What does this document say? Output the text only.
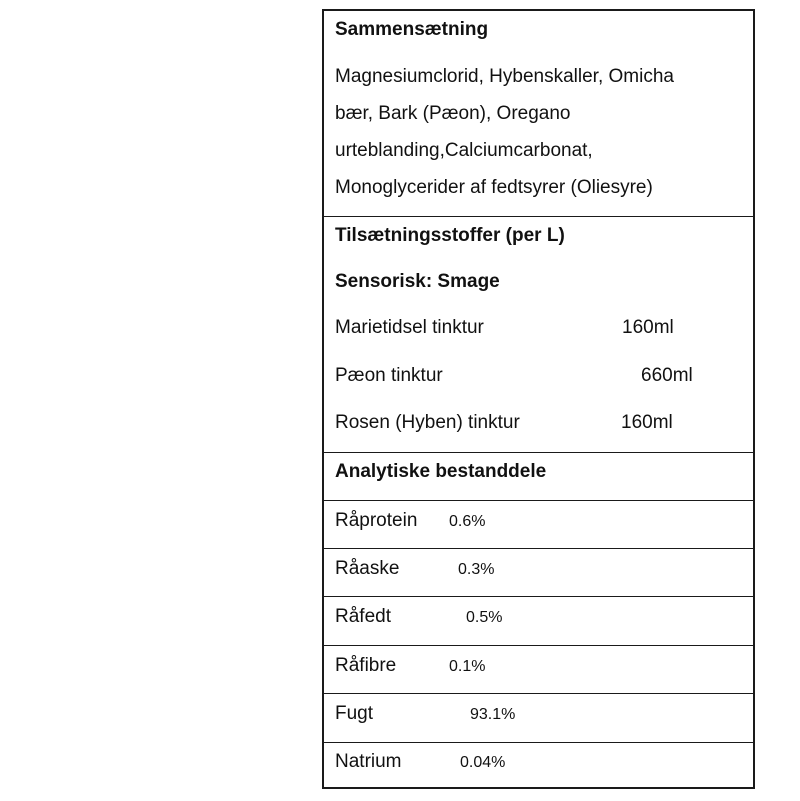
Sammensætning
Magnesiumclorid, Hybenskaller, Omicha
bær, Bark (Pæon), Oregano
urteblanding,Calciumcarbonat,
Monoglycerider af fedtsyrer (Oliesyre)
Tilsætningsstoffer (per L)
Sensorisk: Smage
Marietidsel tinktur	160ml
Pæon tinktur	660ml
Rosen (Hyben) tinktur	160ml
Analytiske bestanddele
Råprotein 0.6%
Råaske	0.3%
Råfedt	0.5%
Råfibre	0.1%
Fugt	93.1%
Natrium	0.04%
